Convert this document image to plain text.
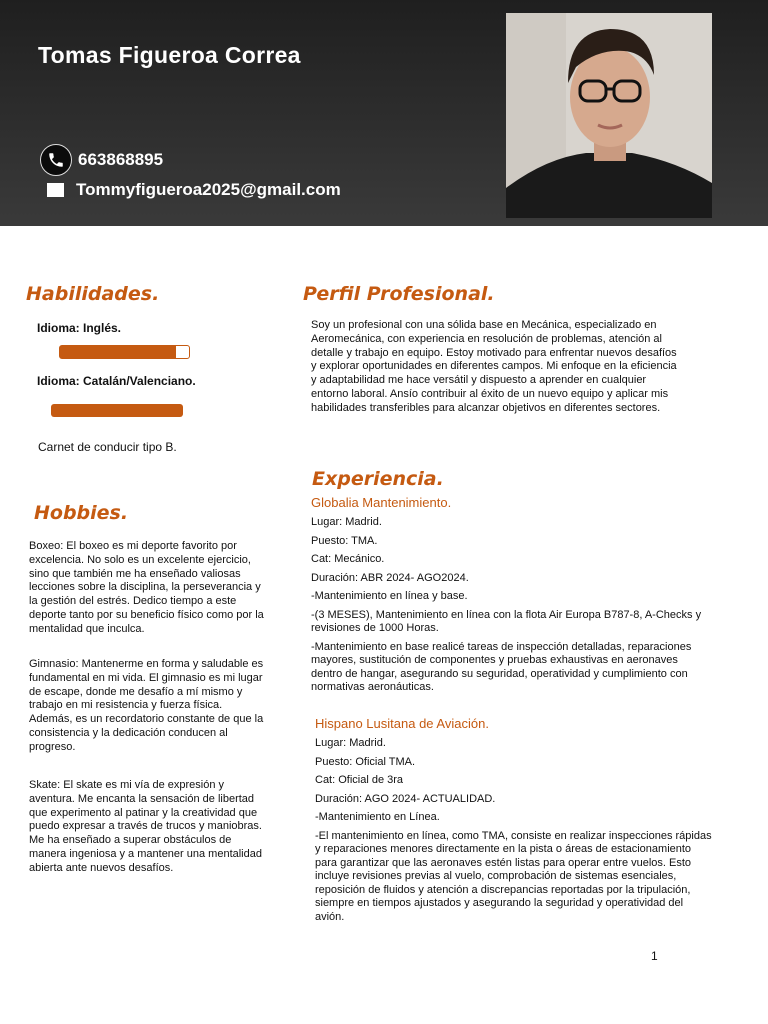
Tomas Figueroa Correa
663868895
Tommyfigueroa2025@gmail.com
Habilidades.

Idioma: Inglés.

Idioma: Catalán/Valenciano.

Carnet de conducir tipo B.

Hobbies.

Boxeo: El boxeo es mi deporte favorito por excelencia. No solo es un excelente ejercicio, sino que también me ha enseñado valiosas lecciones sobre la disciplina, la perseverancia y la gestión del estrés. Dedico tiempo a este deporte tanto por su beneficio físico como por la mentalidad que inculca.

Gimnasio: Mantenerme en forma y saludable es fundamental en mi vida. El gimnasio es mi lugar de escape, donde me desafío a mí mismo y trabajo en mi resistencia y fuerza física. Además, es un recordatorio constante de que la consistencia y la dedicación conducen al progreso.

Skate: El skate es mi vía de expresión y aventura. Me encanta la sensación de libertad que experimento al patinar y la creatividad que puedo expresar a través de trucos y maniobras. Me ha enseñado a superar obstáculos de manera ingeniosa y a mantener una mentalidad abierta ante nuevos desafíos.

Perfil Profesional.

Soy un profesional con una sólida base en Mecánica, especializado en Aeromecánica, con experiencia en resolución de problemas, atención al detalle y trabajo en equipo. Estoy motivado para enfrentar nuevos desafíos y explorar oportunidades en diferentes campos. Mi enfoque en la eficiencia y adaptabilidad me hace versátil y dispuesto a aprender en cualquier entorno laboral. Ansío contribuir al éxito de un nuevo equipo y aplicar mis habilidades transferibles para alcanzar objetivos en diferentes sectores.

Experiencia.

Globalia Mantenimiento.

Lugar: Madrid.

Puesto: TMA.

Cat: Mecánico.

Duración: ABR 2024- AGO2024.

-Mantenimiento en línea y base.

-(3 MESES), Mantenimiento en línea con la flota Air Europa B787-8, A-Checks y revisiones de 1000 Horas.

-Mantenimiento en base realicé tareas de inspección detalladas, reparaciones mayores, sustitución de componentes y pruebas exhaustivas en aeronaves dentro de hangar, asegurando su seguridad, operatividad y cumplimiento con normativas aeronáuticas.

Hispano Lusitana de Aviación.

Lugar: Madrid.

Puesto: Oficial TMA.

Cat: Oficial de 3ra

Duración: AGO 2024- ACTUALIDAD.

-Mantenimiento en Línea.

-El mantenimiento en línea, como TMA, consiste en realizar inspecciones rápidas y reparaciones menores directamente en la pista o áreas de estacionamiento para garantizar que las aeronaves estén listas para operar entre vuelos. Esto incluye revisiones previas al vuelo, comprobación de sistemas esenciales, reposición de fluidos y atención a discrepancias reportadas por la tripulación, siempre en tiempos ajustados y asegurando la seguridad y operatividad del avión.

1
